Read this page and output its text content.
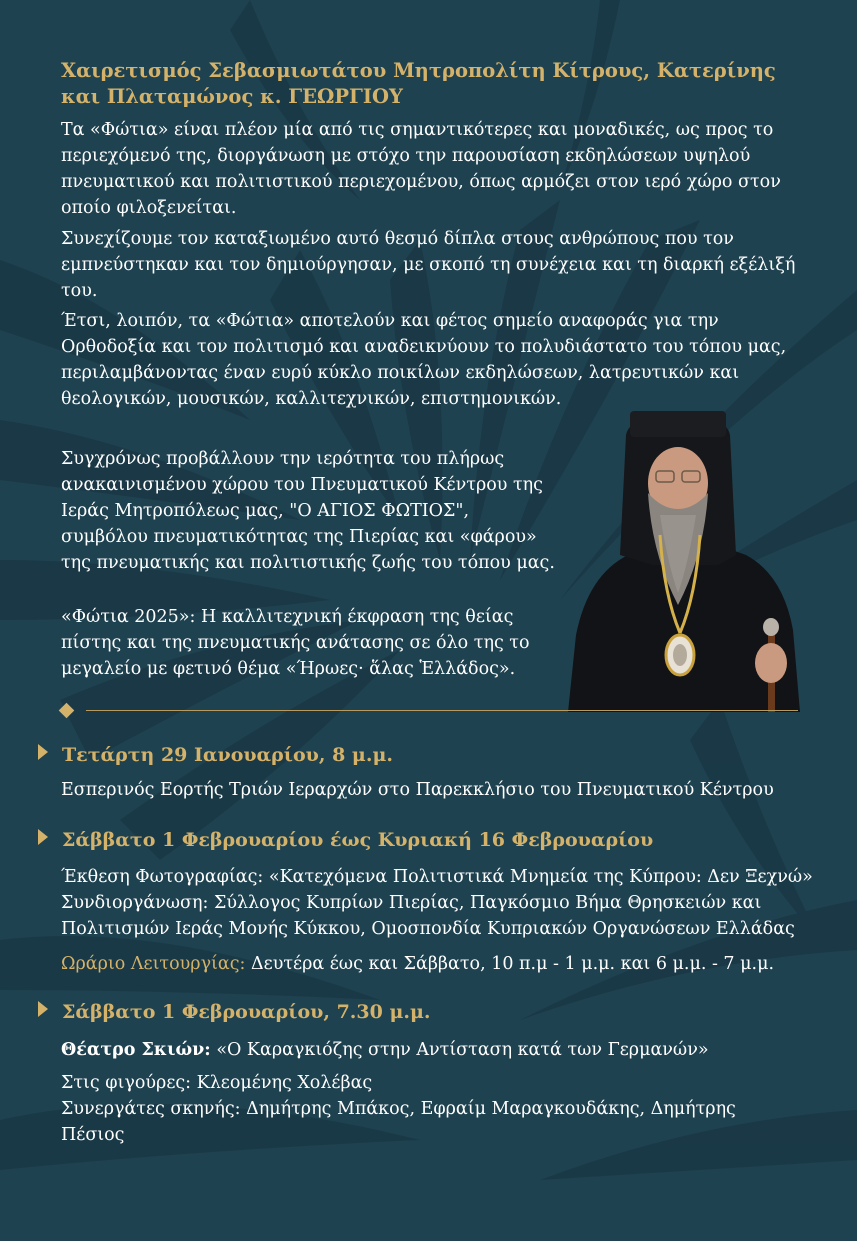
Χαιρετισμός Σεβασμιωτάτου Μητροπολίτη Κίτρους, Κατερίνης και Πλαταμώνος κ. ΓΕΩΡΓΙΟΥ

Τα «Φώτια» είναι πλέον μία από τις σημαντικότερες και μοναδικές, ως προς το περιεχόμενό της, διοργάνωση με στόχο την παρουσίαση εκδηλώσεων υψηλού πνευματικού και πολιτιστικού περιεχομένου, όπως αρμόζει στον ιερό χώρο στον οποίο φιλοξενείται.

Συνεχίζουμε τον καταξιωμένο αυτό θεσμό δίπλα στους ανθρώπους που τον εμπνεύστηκαν και τον δημιούργησαν, με σκοπό τη συνέχεια και τη διαρκή εξέλιξή του.

Έτσι, λοιπόν, τα «Φώτια» αποτελούν και φέτος σημείο αναφοράς για την Ορθοδοξία και τον πολιτισμό και αναδεικνύουν το πολυδιάστατο του τόπου μας, περιλαμβάνοντας έναν ευρύ κύκλο ποικίλων εκδηλώσεων, λατρευτικών και θεολογικών, μουσικών, καλλιτεχνικών, επιστημονικών.

Συγχρόνως προβάλλουν την ιερότητα του πλήρως ανακαινισμένου χώρου του Πνευματικού Κέντρου της Ιεράς Μητροπόλεως μας, "Ο ΑΓΙΟΣ ΦΩΤΙΟΣ", συμβόλου πνευματικότητας της Πιερίας και «φάρου» της πνευματικής και πολιτιστικής ζωής του τόπου μας.

«Φώτια 2025»: Η καλλιτεχνική έκφραση της θείας πίστης και της πνευματικής ανάτασης σε όλο της το μεγαλείο με φετινό θέμα «Ήρωες· ἅλας Ἑλλάδος».

Τετάρτη 29 Ιανουαρίου, 8 μ.μ.

Εσπερινός Εορτής Τριών Ιεραρχών στο Παρεκκλήσιο του Πνευματικού Κέντρου

Σάββατο 1 Φεβρουαρίου έως Κυριακή 16 Φεβρουαρίου

Έκθεση Φωτογραφίας: «Κατεχόμενα Πολιτιστικά Μνημεία της Κύπρου: Δεν Ξεχνώ»

Συνδιοργάνωση: Σύλλογος Κυπρίων Πιερίας, Παγκόσμιο Βήμα Θρησκειών και Πολιτισμών Ιεράς Μονής Κύκκου, Ομοσπονδία Κυπριακών Οργανώσεων Ελλάδας

Ωράριο Λειτουργίας: Δευτέρα έως και Σάββατο, 10 π.μ - 1 μ.μ. και 6 μ.μ. - 7 μ.μ.

Σάββατο 1 Φεβρουαρίου, 7.30 μ.μ.

Θέατρο Σκιών: «Ο Καραγκιόζης στην Αντίσταση κατά των Γερμανών»

Στις φιγούρες: Κλεομένης Χολέβας

Συνεργάτες σκηνής: Δημήτρης Μπάκος, Εφραίμ Μαραγκουδάκης, Δημήτρης Πέσιος
